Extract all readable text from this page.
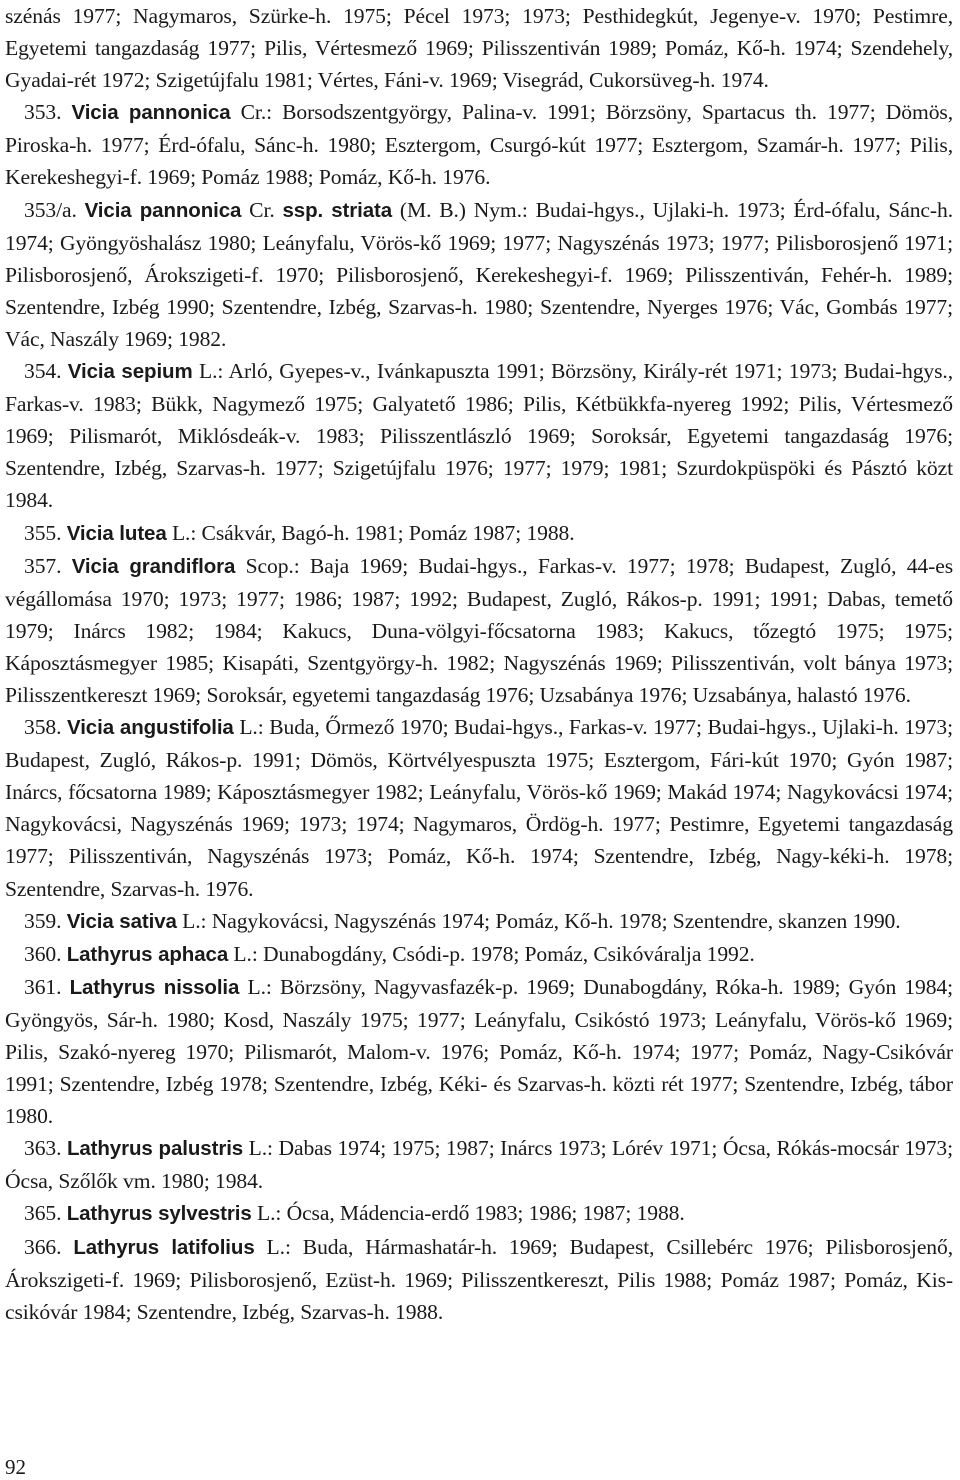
szénás 1977; Nagymaros, Szürke-h. 1975; Pécel 1973; 1973; Pesthidegkút, Jegenye-v. 1970; Pestimre, Egyetemi tangazdaság 1977; Pilis, Vértesmező 1969; Pilisszentiván 1989; Pomáz, Kő-h. 1974; Szendehely, Gyadai-rét 1972; Szigetújfalu 1981; Vértes, Fáni-v. 1969; Visegrád, Cukorsüveg-h. 1974.

353. Vicia pannonica Cr.: Borsodszentgyörgy, Palina-v. 1991; Börzsöny, Spartacus th. 1977; Dömös, Piroska-h. 1977; Érd-ófalu, Sánc-h. 1980; Esztergom, Csurgó-kút 1977; Esztergom, Szamár-h. 1977; Pilis, Kerekeshegyi-f. 1969; Pomáz 1988; Pomáz, Kő-h. 1976.

353/a. Vicia pannonica Cr. ssp. striata (M. B.) Nym.: Budai-hgys., Ujlaki-h. 1973; Érd-ófalu, Sánc-h. 1974; Gyöngyöshalász 1980; Leányfalu, Vörös-kő 1969; 1977; Nagyszénás 1973; 1977; Pilisborosjenő 1971; Pilisborosjenő, Árokszigeti-f. 1970; Pilisborosjenő, Kerekeshegyi-f. 1969; Pilisszentiván, Fehér-h. 1989; Szentendre, Izbég 1990; Szentendre, Izbég, Szarvas-h. 1980; Szentendre, Nyerges 1976; Vác, Gombás 1977; Vác, Naszály 1969; 1982.

354. Vicia sepium L.: Arló, Gyepes-v., Ivánkapuszta 1991; Börzsöny, Király-rét 1971; 1973; Budai-hgys., Farkas-v. 1983; Bükk, Nagymező 1975; Galyatető 1986; Pilis, Kétbükkfa-nyereg 1992; Pilis, Vértesmező 1969; Pilismarót, Miklósdeák-v. 1983; Pilisszentlászló 1969; Soroksár, Egyetemi tangazdaság 1976; Szentendre, Izbég, Szarvas-h. 1977; Szigetújfalu 1976; 1977; 1979; 1981; Szurdokpüspöki és Pásztó közt 1984.

355. Vicia lutea L.: Csákvár, Bagó-h. 1981; Pomáz 1987; 1988.

357. Vicia grandiflora Scop.: Baja 1969; Budai-hgys., Farkas-v. 1977; 1978; Budapest, Zugló, 44-es végállomása 1970; 1973; 1977; 1986; 1987; 1992; Budapest, Zugló, Rákos-p. 1991; 1991; Dabas, temető 1979; Inárcs 1982; 1984; Kakucs, Duna-völgyi-főcsatorna 1983; Kakucs, tőzegtó 1975; 1975; Káposztásmegyer 1985; Kisapáti, Szentgyörgy-h. 1982; Nagyszénás 1969; Pilisszentiván, volt bánya 1973; Pilisszentkereszt 1969; Soroksár, egyetemi tangazdaság 1976; Uzsabánya 1976; Uzsabánya, halastó 1976.

358. Vicia angustifolia L.: Buda, Őrmező 1970; Budai-hgys., Farkas-v. 1977; Budai-hgys., Ujlaki-h. 1973; Budapest, Zugló, Rákos-p. 1991; Dömös, Körtvélyespuszta 1975; Esztergom, Fári-kút 1970; Gyón 1987; Inárcs, főcsatorna 1989; Káposztásmegyer 1982; Leányfalu, Vörös-kő 1969; Makád 1974; Nagykovácsi 1974; Nagykovácsi, Nagyszénás 1969; 1973; 1974; Nagymaros, Ördög-h. 1977; Pestimre, Egyetemi tangazdaság 1977; Pilisszentiván, Nagyszénás 1973; Pomáz, Kő-h. 1974; Szentendre, Izbég, Nagy-kéki-h. 1978; Szentendre, Szarvas-h. 1976.

359. Vicia sativa L.: Nagykovácsi, Nagyszénás 1974; Pomáz, Kő-h. 1978; Szentendre, skanzen 1990.

360. Lathyrus aphaca L.: Dunabogdány, Csódi-p. 1978; Pomáz, Csikóváralja 1992.

361. Lathyrus nissolia L.: Börzsöny, Nagyvasfazék-p. 1969; Dunabogdány, Róka-h. 1989; Gyón 1984; Gyöngyös, Sár-h. 1980; Kosd, Naszály 1975; 1977; Leányfalu, Csikóstó 1973; Leányfalu, Vörös-kő 1969; Pilis, Szakó-nyereg 1970; Pilismarót, Malom-v. 1976; Pomáz, Kő-h. 1974; 1977; Pomáz, Nagy-Csikóvár 1991; Szentendre, Izbég 1978; Szentendre, Izbég, Kéki- és Szarvas-h. közti rét 1977; Szentendre, Izbég, tábor 1980.

363. Lathyrus palustris L.: Dabas 1974; 1975; 1987; Inárcs 1973; Lórév 1971; Ócsa, Rókás-mocsár 1973; Ócsa, Szőlők vm. 1980; 1984.

365. Lathyrus sylvestris L.: Ócsa, Mádencia-erdő 1983; 1986; 1987; 1988.

366. Lathyrus latifolius L.: Buda, Hármashatár-h. 1969; Budapest, Csillebérc 1976; Pilisborosjenő, Árokszigeti-f. 1969; Pilisborosjenő, Ezüst-h. 1969; Pilisszentkereszt, Pilis 1988; Pomáz 1987; Pomáz, Kis-csikóvár 1984; Szentendre, Izbég, Szarvas-h. 1988.

92
